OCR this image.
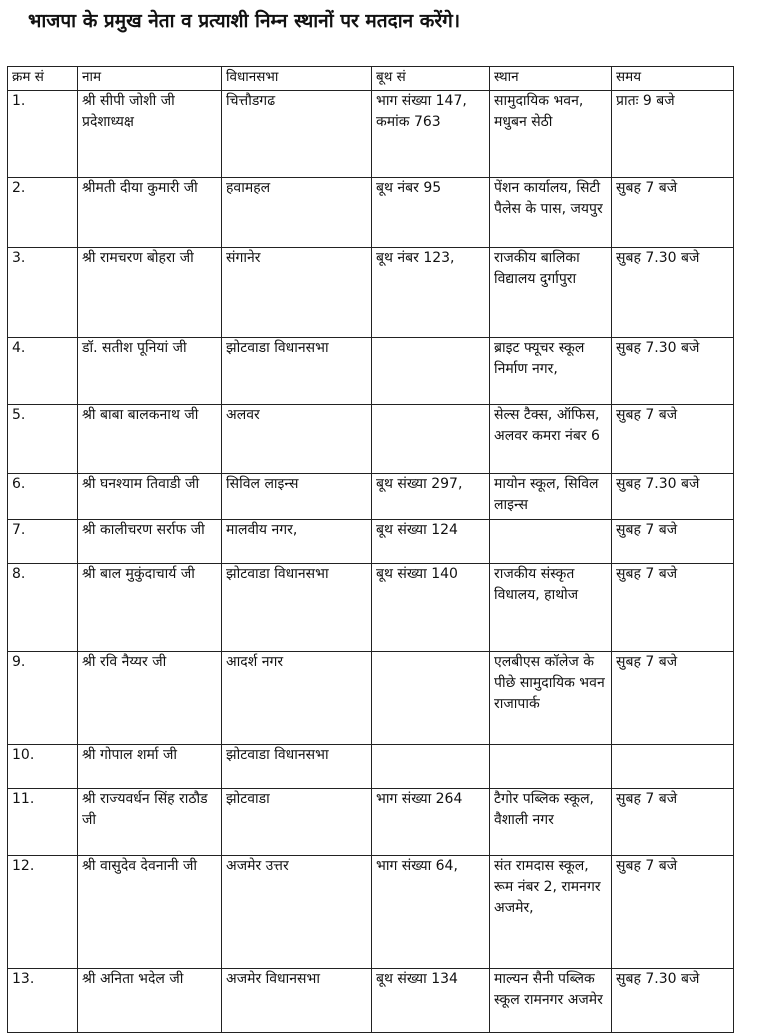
भाजपा के प्रमुख नेता व प्रत्याशी निम्न स्थानों पर मतदान करेंगे।
क्रम सं	नाम	विधानसभा	बूथ सं	स्थान	समय
1.	श्री सीपी जोशी जी प्रदेशाध्यक्ष	चित्तौडगढ	भाग संख्या 147, कमांक 763	सामुदायिक भवन, मधुबन सेठी	प्रातः 9 बजे
2.	श्रीमती दीया कुमारी जी	हवामहल	बूथ नंबर 95	पेंशन कार्यालय, सिटी पैलेस के पास, जयपुर	सुबह 7 बजे
3.	श्री रामचरण बोहरा जी	संगानेर	बूथ नंबर 123,	राजकीय बालिका विद्यालय दुर्गापुरा	सुबह 7.30 बजे
4.	डॉ. सतीश पूनियां जी	झोटवाडा विधानसभा		ब्राइट फ्यूचर स्कूल निर्माण नगर,	सुबह 7.30 बजे
5.	श्री बाबा बालकनाथ जी	अलवर		सेल्स टैक्स, ऑफिस, अलवर कमरा नंबर 6	सुबह 7 बजे
6.	श्री घनश्याम तिवाडी जी	सिविल लाइन्स	बूथ संख्या 297,	मायोन स्कूल, सिविल लाइन्स	सुबह 7.30 बजे
7.	श्री कालीचरण सर्राफ जी	मालवीय नगर,	बूथ संख्या 124		सुबह 7 बजे
8.	श्री बाल मुकुंदाचार्य जी	झोटवाडा विधानसभा	बूथ संख्या 140	राजकीय संस्कृत विधालय, हाथोज	सुबह 7 बजे
9.	श्री रवि नैय्यर जी	आदर्श नगर		एलबीएस कॉलेज के पीछे सामुदायिक भवन राजापार्क	सुबह 7 बजे
10.	श्री गोपाल शर्मा जी	झोटवाडा विधानसभा			
11.	श्री राज्यवर्धन सिंह राठौड जी	झोटवाडा	भाग संख्या 264	टैगोर पब्लिक स्कूल, वैशाली नगर	सुबह 7 बजे
12.	श्री वासुदेव देवनानी जी	अजमेर उत्तर	भाग संख्या 64,	संत रामदास स्कूल, रूम नंबर 2, रामनगर अजमेर,	सुबह 7 बजे
13.	श्री अनिता भदेल जी	अजमेर विधानसभा	बूथ संख्या 134	माल्यन सैनी पब्लिक स्कूल रामनगर अजमेर	सुबह 7.30 बजे
